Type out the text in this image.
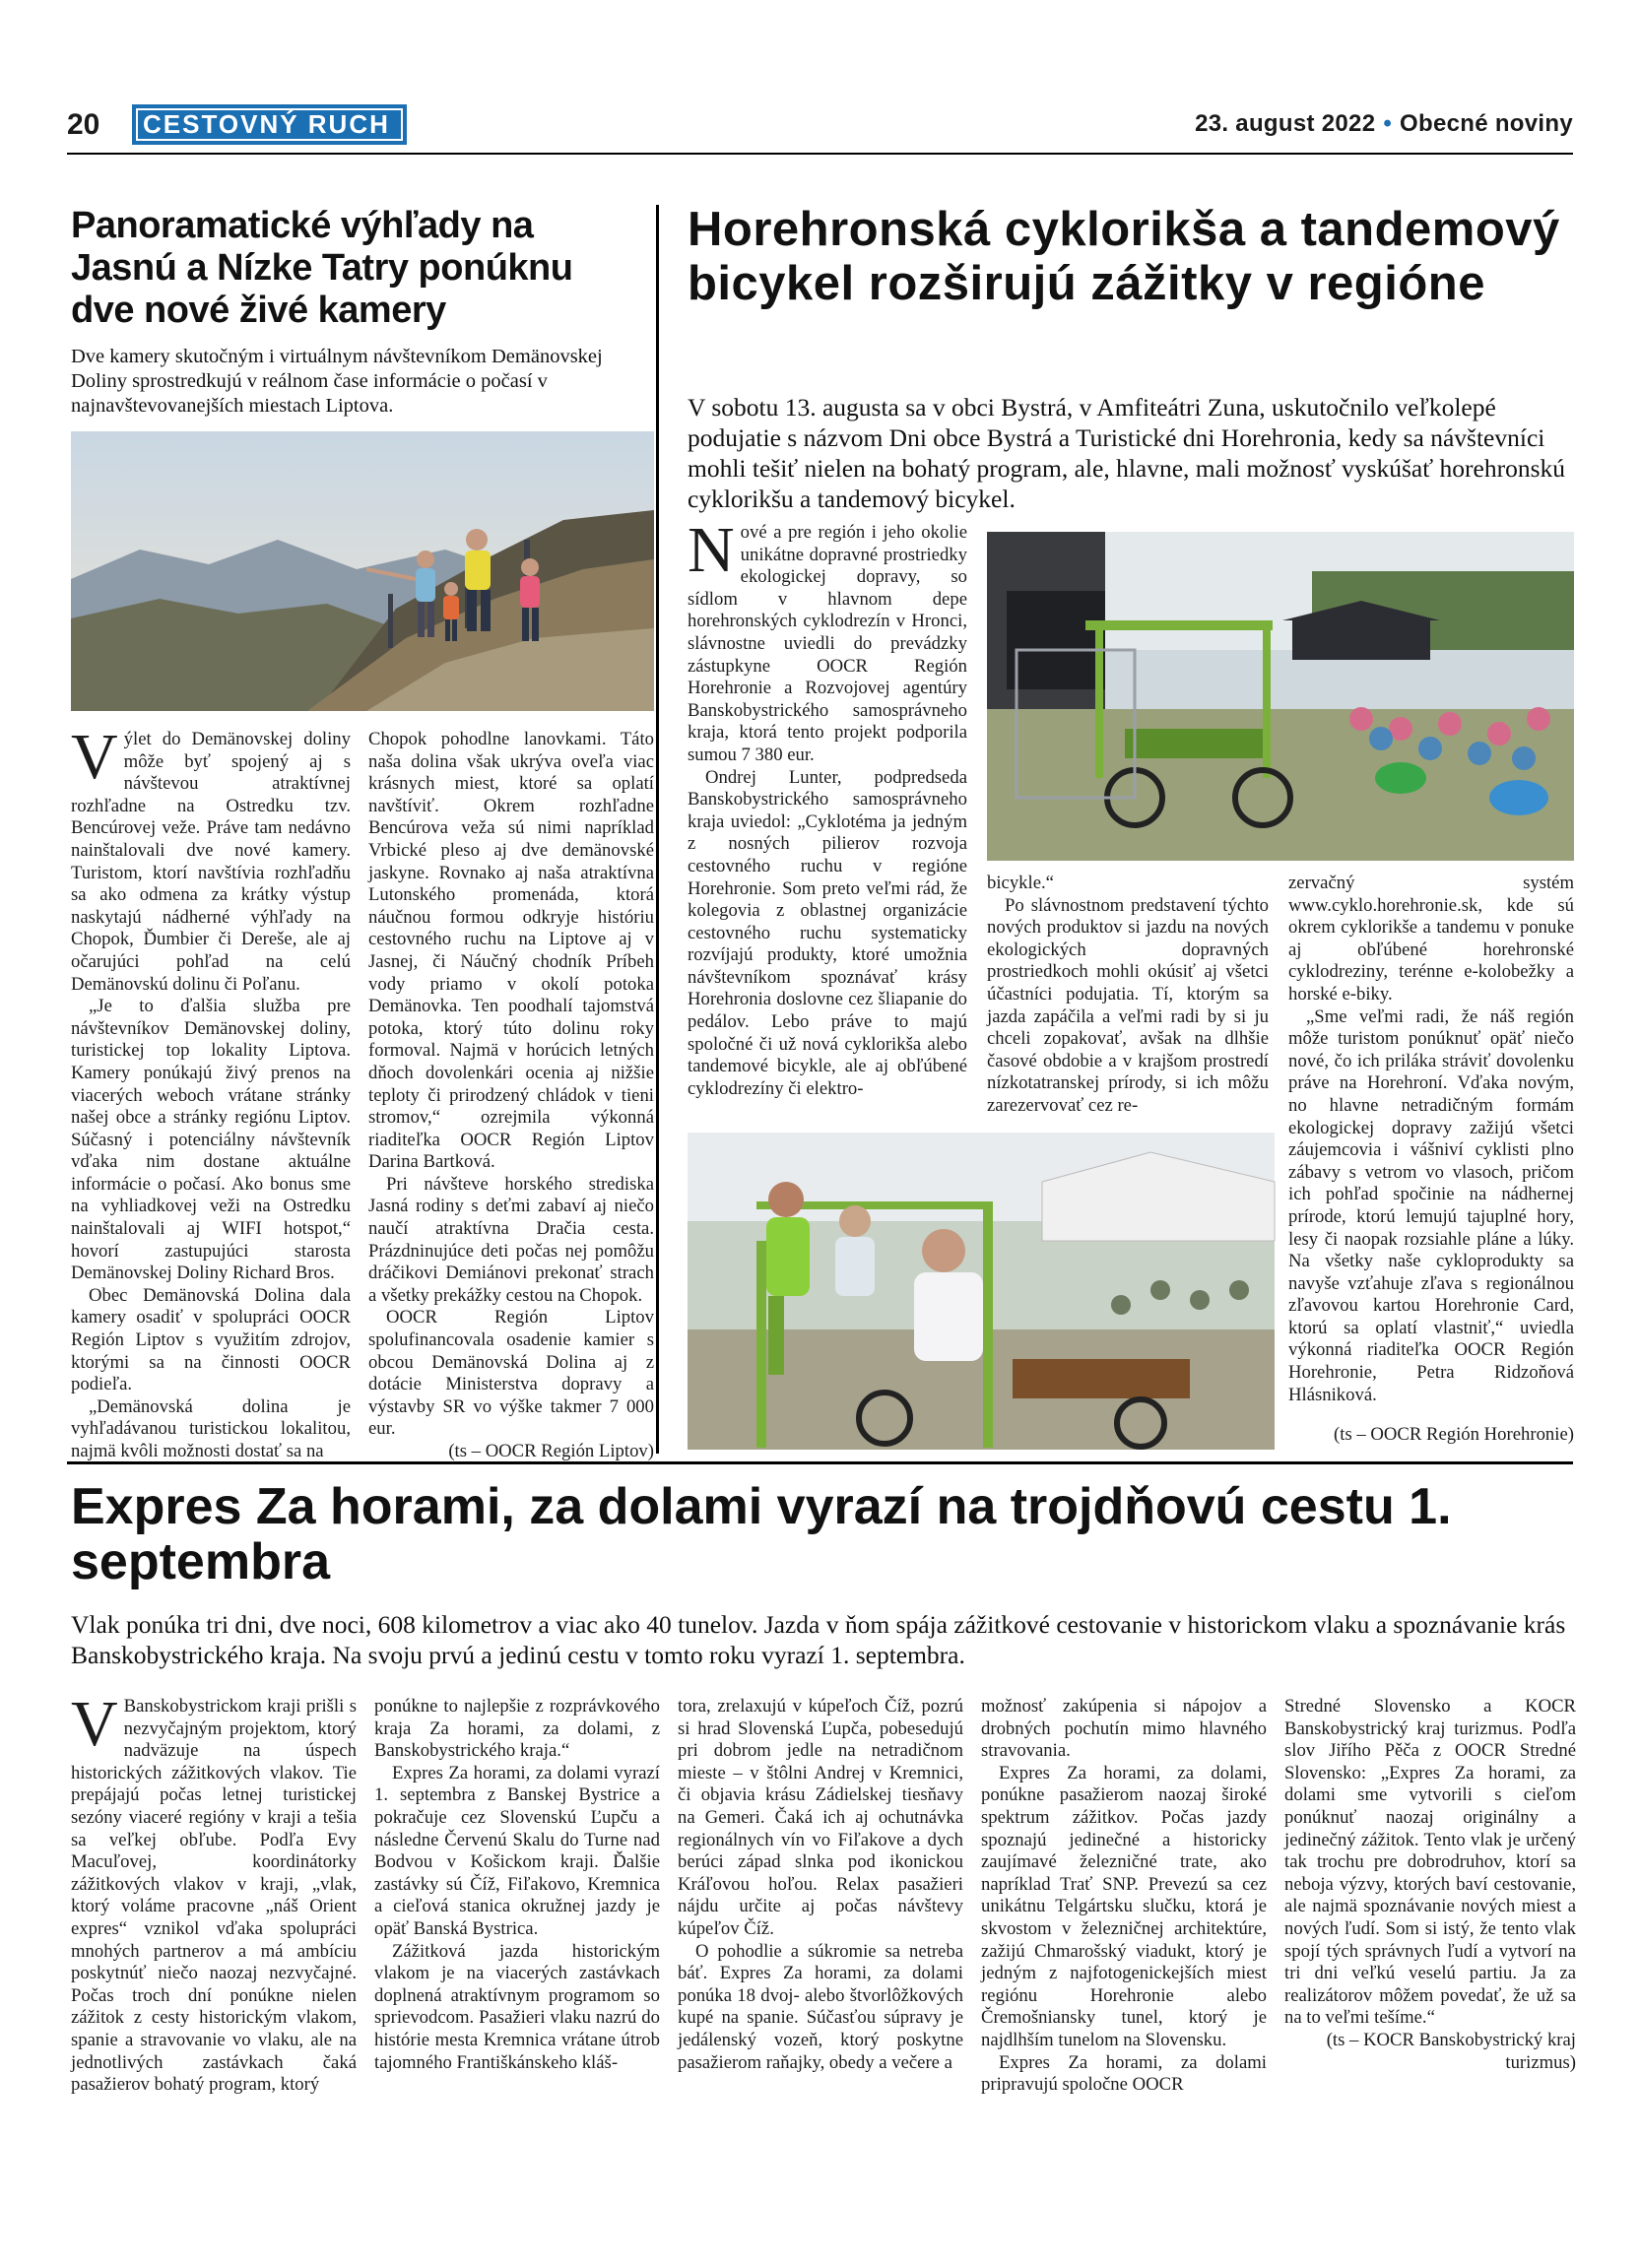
20	CESTOVNÝ RUCH	23. august 2022 • Obecné noviny
Panoramatické výhľady na Jasnú a Nízke Tatry ponúknu dve nové živé kamery

Dve kamery skutočným i virtuálnym návštevníkom Demänovskej Doliny sprostredkujú v reálnom čase informácie o počasí v najnavštevovanejších miestach Liptova.

Výlet do Demänovskej doliny môže byť spojený aj s návštevou atraktívnej rozhľadne na Ostredku tzv. Bencúrovej veže. Práve tam nedávno nainštalovali dve nové kamery. Turistom, ktorí navštívia rozhľadňu sa ako odmena za krátky výstup naskytajú nádherné výhľady na Chopok, Ďumbier či Dereše, ale aj očarujúci pohľad na celú Demänovskú dolinu či Poľanu.

„Je to ďalšia služba pre návštevníkov Demänovskej doliny, turistickej top lokality Liptova. Kamery ponúkajú živý prenos na viacerých weboch vrátane stránky našej obce a stránky regiónu Liptov. Súčasný i potenciálny návštevník vďaka nim dostane aktuálne informácie o počasí. Ako bonus sme na vyhliadkovej veži na Ostredku nainštalovali aj WIFI hotspot,“ hovorí zastupujúci starosta Demänovskej Doliny Richard Bros.

Obec Demänovská Dolina dala kamery osadiť v spolupráci OOCR Región Liptov s využitím zdrojov, ktorými sa na činnosti OOCR podieľa.

„Demänovská dolina je vyhľadávanou turistickou lokalitou, najmä kvôli možnosti dostať sa na

Chopok pohodlne lanovkami. Táto naša dolina však ukrýva oveľa viac krásnych miest, ktoré sa oplatí navštíviť. Okrem rozhľadne Bencúrova veža sú nimi napríklad Vrbické pleso aj dve demänovské jaskyne. Rovnako aj naša atraktívna Lutonského promenáda, ktorá náučnou formou odkryje históriu cestovného ruchu na Liptove aj v Jasnej, či Náučný chodník Príbeh vody priamo v okolí potoka Demänovka. Ten poodhalí tajomstvá potoka, ktorý túto dolinu roky formoval. Najmä v horúcich letných dňoch dovolenkári ocenia aj nižšie teploty či prirodzený chládok v tieni stromov,“ ozrejmila výkonná riaditeľka OOCR Región Liptov Darina Bartková.

Pri návšteve horského strediska Jasná rodiny s deťmi zabaví aj niečo naučí atraktívna Dračia cesta. Prázdninujúce deti počas nej pomôžu dráčikovi Demiánovi prekonať strach a všetky prekážky cestou na Chopok.

OOCR Región Liptov spolufinancovala osadenie kamier s obcou Demänovská Dolina aj z dotácie Ministerstva dopravy a výstavby SR vo výške takmer 7 000 eur.

(ts – OOCR Región Liptov)

Horehronská cyklorikša a tandemový bicykel rozširujú zážitky v regióne

V sobotu 13. augusta sa v obci Bystrá, v Amfiteátri Zuna, uskutočnilo veľkolepé podujatie s názvom Dni obce Bystrá a Turistické dni Horehronia, kedy sa návštevníci mohli tešiť nielen na bohatý program, ale, hlavne, mali možnosť vyskúšať horehronskú cyklorikšu a tandemový bicykel.

Nové a pre región i jeho okolie unikátne dopravné prostriedky ekologickej dopravy, so sídlom v hlavnom depe horehronských cyklodrezín v Hronci, slávnostne uviedli do prevádzky zástupkyne OOCR Región Horehronie a Rozvojovej agentúry Banskobystrického samosprávneho kraja, ktorá tento projekt podporila sumou 7 380 eur.

Ondrej Lunter, podpredseda Banskobystrického samosprávneho kraja uviedol: „Cyklotéma ja jedným z nosných pilierov rozvoja cestovného ruchu v regióne Horehronie. Som preto veľmi rád, že kolegovia z oblastnej organizácie cestovného ruchu systematicky rozvíjajú produkty, ktoré umožnia návštevníkom spoznávať krásy Horehronia doslovne cez šliapanie do pedálov. Lebo práve to majú spoločné či už nová cyklorikša alebo tandemové bicykle, ale aj obľúbené cyklodrezíny či elektro-

bicykle.“

Po slávnostnom predstavení týchto nových produktov si jazdu na nových ekologických dopravných prostriedkoch mohli okúsiť aj všetci účastníci podujatia. Tí, ktorým sa jazda zapáčila a veľmi radi by si ju chceli zopakovať, avšak na dlhšie časové obdobie a v krajšom prostredí nízkotatranskej prírody, si ich môžu zarezervovať cez re-

zervačný systém www.cyklo.horehronie.sk, kde sú okrem cyklorikše a tandemu v ponuke aj obľúbené horehronské cyklodreziny, terénne e-kolobežky a horské e-biky.

„Sme veľmi radi, že náš región môže turistom ponúknuť opäť niečo nové, čo ich priláka stráviť dovolenku práve na Horehroní. Vďaka novým, no hlavne netradičným formám ekologickej dopravy zažijú všetci záujemcovia i vášniví cyklisti plno zábavy s vetrom vo vlasoch, pričom ich pohľad spočinie na nádhernej prírode, ktorú lemujú tajuplné hory, lesy či naopak rozsiahle pláne a lúky. Na všetky naše cykloprodukty sa navyše vzťahuje zľava s regionálnou zľavovou kartou Horehronie Card, ktorú sa oplatí vlastniť,“ uviedla výkonná riaditeľka OOCR Región Horehronie, Petra Ridzoňová Hlásniková.

(ts – OOCR Región Horehronie)

Expres Za horami, za dolami vyrazí na trojdňovú cestu 1. septembra

Vlak ponúka tri dni, dve noci, 608 kilometrov a viac ako 40 tunelov. Jazda v ňom spája zážitkové cestovanie v historickom vlaku a spoznávanie krás Banskobystrického kraja. Na svoju prvú a jedinú cestu v tomto roku vyrazí 1. septembra.

V Banskobystrickom kraji prišli s nezvyčajným projektom, ktorý nadväzuje na úspech historických zážitkových vlakov. Tie prepájajú počas letnej turistickej sezóny viaceré regióny v kraji a tešia sa veľkej obľube. Podľa Evy Macuľovej, koordinátorky zážitkových vlakov v kraji, „vlak, ktorý voláme pracovne „náš Orient expres“ vznikol vďaka spolupráci mnohých partnerov a má ambíciu poskytnúť niečo naozaj nezvyčajné. Počas troch dní ponúkne nielen zážitok z cesty historickým vlakom, spanie a stravovanie vo vlaku, ale na jednotlivých zastávkach čaká pasažierov bohatý program, ktorý

ponúkne to najlepšie z rozprávkového kraja Za horami, za dolami, z Banskobystrického kraja.“

Expres Za horami, za dolami vyrazí 1. septembra z Banskej Bystrice a pokračuje cez Slovenskú Ľupču a následne Červenú Skalu do Turne nad Bodvou v Košickom kraji. Ďalšie zastávky sú Číž, Fiľakovo, Kremnica a cieľová stanica okružnej jazdy je opäť Banská Bystrica.

Zážitková jazda historickým vlakom je na viacerých zastávkach doplnená atraktívnym programom so sprievodcom. Pasažieri vlaku nazrú do histórie mesta Kremnica vrátane útrob tajomného Františkánskeho kláš-

tora, zrelaxujú v kúpeľoch Číž, pozrú si hrad Slovenská Ľupča, pobesedujú pri dobrom jedle na netradičnom mieste – v štôlni Andrej v Kremnici, či objavia krásu Zádielskej tiesňavy na Gemeri. Čaká ich aj ochutnávka regionálnych vín vo Fiľakove a dych berúci západ slnka pod ikonickou Kráľovou hoľou. Relax pasažieri nájdu určite aj počas návštevy kúpeľov Číž.

O pohodlie a súkromie sa netreba báť. Expres Za horami, za dolami ponúka 18 dvoj- alebo štvorlôžkových kupé na spanie. Súčasťou súpravy je jedálenský vozeň, ktorý poskytne pasažierom raňajky, obedy a večere a

možnosť zakúpenia si nápojov a drobných pochutín mimo hlavného stravovania.

Expres Za horami, za dolami, ponúkne pasažierom naozaj široké spektrum zážitkov. Počas jazdy spoznajú jedinečné a historicky zaujímavé železničné trate, ako napríklad Trať SNP. Prevezú sa cez unikátnu Telgártsku slučku, ktorá je skvostom v železničnej architektúre, zažijú Chmarošský viadukt, ktorý je jedným z najfotogenickejších miest regiónu Horehronie alebo Čremošniansky tunel, ktorý je najdlhším tunelom na Slovensku.

Expres Za horami, za dolami pripravujú spoločne OOCR

Stredné Slovensko a KOCR Banskobystrický kraj turizmus. Podľa slov Jiřího Pěča z OOCR Stredné Slovensko: „Expres Za horami, za dolami sme vytvorili s cieľom ponúknuť naozaj originálny a jedinečný zážitok. Tento vlak je určený tak trochu pre dobrodruhov, ktorí sa neboja výzvy, ktorých baví cestovanie, ale najmä spoznávanie nových miest a nových ľudí. Som si istý, že tento vlak spojí tých správnych ľudí a vytvorí na tri dni veľkú veselú partiu. Ja za realizátorov môžem povedať, že už sa na to veľmi tešíme.“

(ts – KOCR Banskobystrický kraj turizmus)
